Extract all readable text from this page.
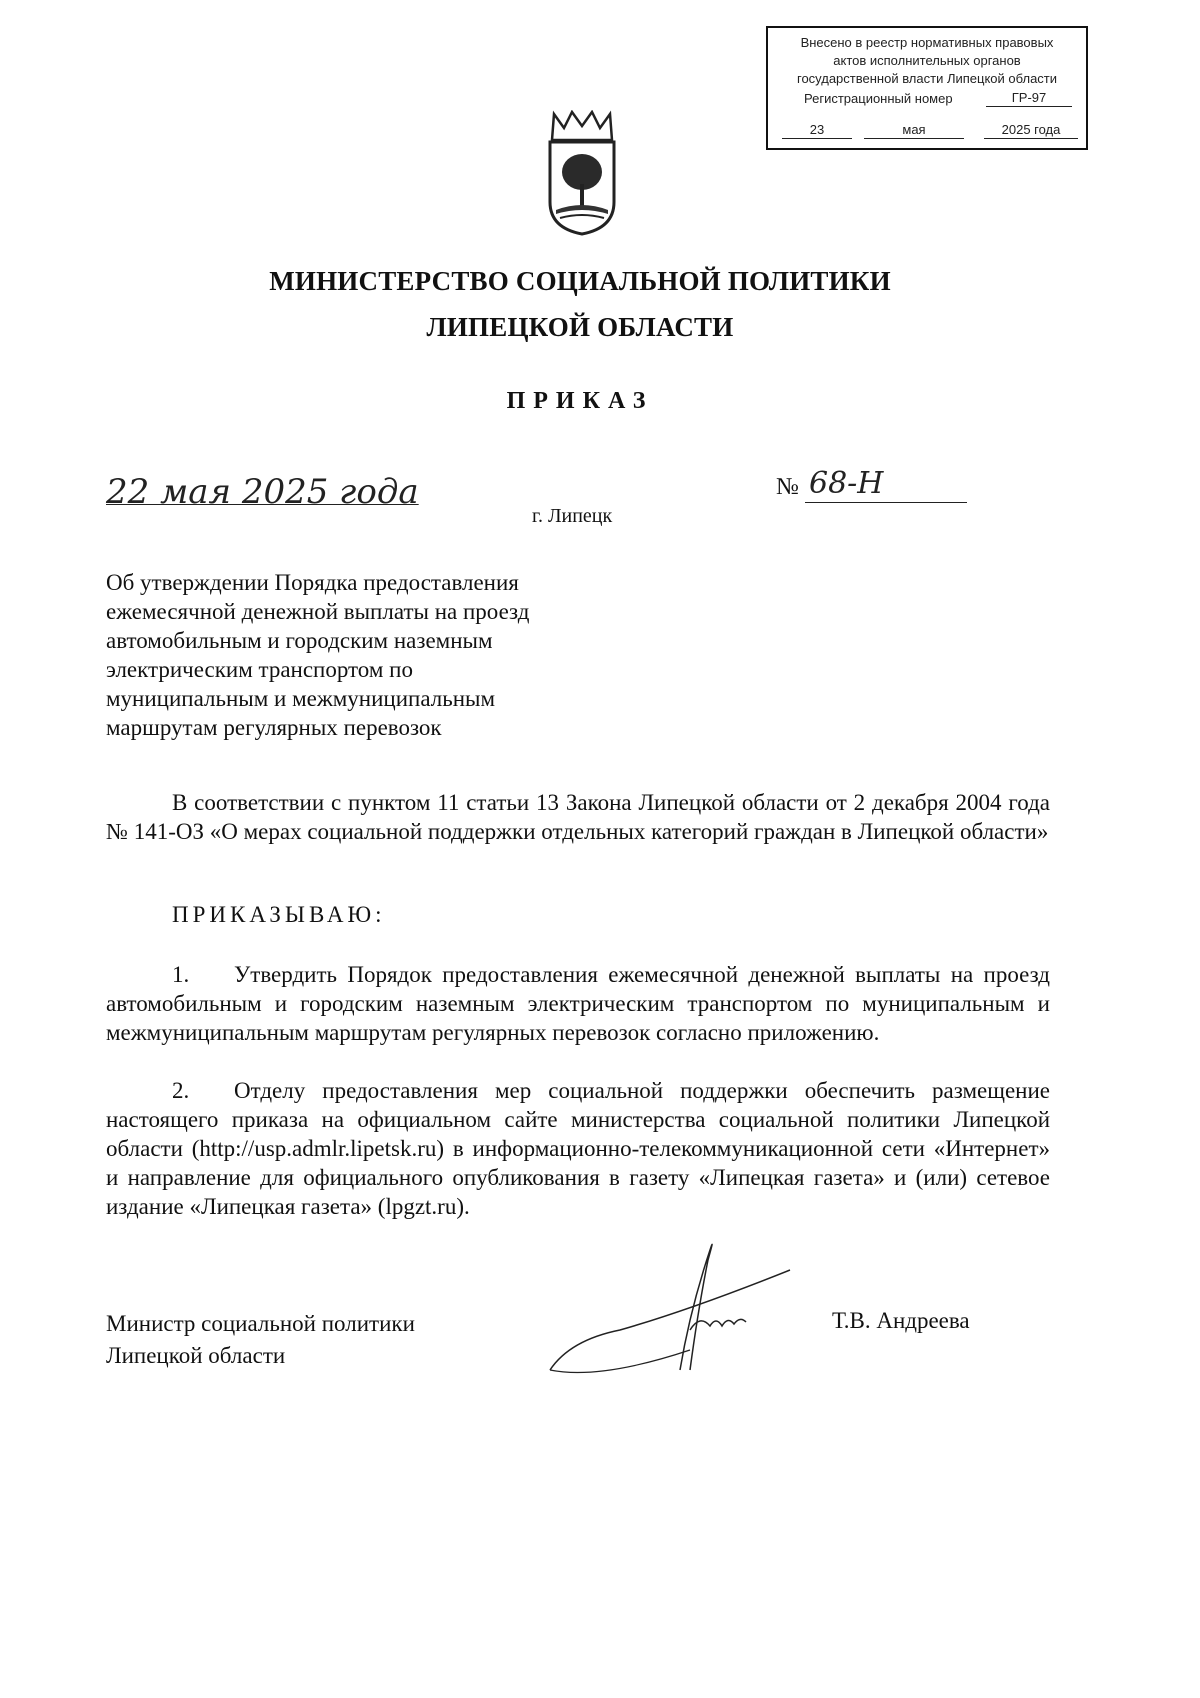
Внесено в реестр нормативных правовых
актов исполнительных органов
государственной власти Липецкой области
Регистрационный номер	ГР-97
23	мая	2025 года
МИНИСТЕРСТВО СОЦИАЛЬНОЙ ПОЛИТИКИ
ЛИПЕЦКОЙ ОБЛАСТИ
ПРИКАЗ
22 мая 2025 года
г. Липецк
№ 68-Н
Об утверждении Порядка предоставления
ежемесячной денежной выплаты на проезд
автомобильным и городским наземным
электрическим транспортом по
муниципальным и межмуниципальным
маршрутам регулярных перевозок
В соответствии с пунктом 11 статьи 13 Закона Липецкой области от 2 декабря 2004 года № 141-ОЗ «О мерах социальной поддержки отдельных категорий граждан в Липецкой области»
ПРИКАЗЫВАЮ:
1. Утвердить Порядок предоставления ежемесячной денежной выплаты на проезд автомобильным и городским наземным электрическим транспортом по муниципальным и межмуниципальным маршрутам регулярных перевозок согласно приложению.
2. Отделу предоставления мер социальной поддержки обеспечить размещение настоящего приказа на официальном сайте министерства социальной политики Липецкой области (http://usp.admlr.lipetsk.ru) в информационно-телекоммуникационной сети «Интернет» и направление для официального опубликования в газету «Липецкая газета» и (или) сетевое издание «Липецкая газета» (lpgzt.ru).
Министр социальной политики
Липецкой области
Т.В. Андреева
